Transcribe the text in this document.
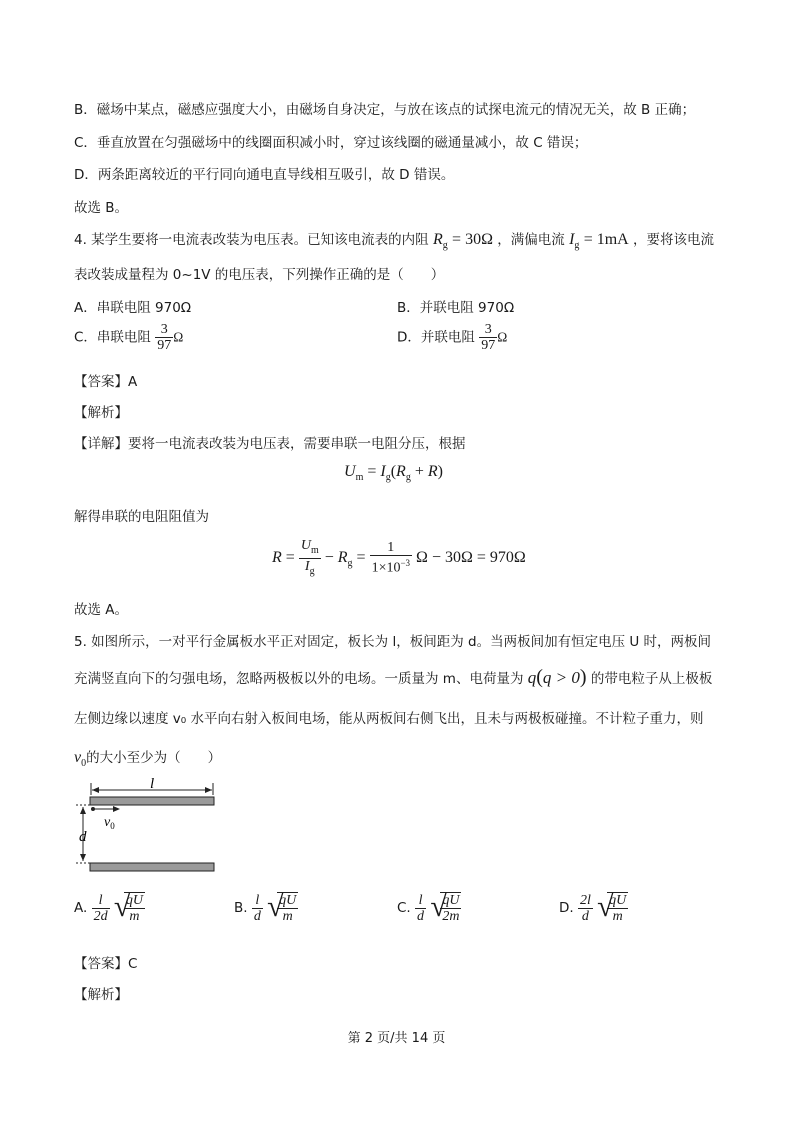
B．磁场中某点，磁感应强度大小，由磁场自身决定，与放在该点的试探电流元的情况无关，故 B 正确；
C．垂直放置在匀强磁场中的线圈面积减小时，穿过该线圈的磁通量减小，故 C 错误；
D．两条距离较近的平行同向通电直导线相互吸引，故 D 错误。
故选 B。
4. 某学生要将一电流表改装为电压表。已知该电流表的内阻 $R_g = 30\Omega$ ，满偏电流 $I_g = 1mA$ ，要将该电流
表改装成量程为 0~1V 的电压表，下列操作正确的是（　　）
A．串联电阻 970Ω	B．并联电阻 970Ω
C．串联电阻 $\frac{3}{97}$ Ω	D．并联电阻 $\frac{3}{97}$ Ω
【答案】A
【解析】
【详解】要将一电流表改装为电压表，需要串联一电阻分压，根据
$U_m = I_g(R_g + R)$
解得串联的电阻阻值为
$R = \frac{U_m}{I_g} - R_g = \frac{1}{1\times 10^{-3}}$ Ω − 30Ω = 970Ω
故选 A。
5. 如图所示，一对平行金属板水平正对固定，板长为 l，板间距为 d。当两板间加有恒定电压 U 时，两板间
充满竖直向下的匀强电场，忽略两极板以外的电场。一质量为 m、电荷量为 q(q > 0) 的带电粒子从上极板
左侧边缘以速度 v₀ 水平向右射入板间电场，能从两板间右侧飞出，且未与两极板碰撞。不计粒子重力，则
$v_0$的大小至少为（　　）
l
d
$v_0$
A. $\frac{l}{2d}$
√
$\frac{qU}{m}$	B. $\frac{l}{d}$
√
$\frac{qU}{m}$	C. $\frac{l}{d}$
√
$\frac{qU}{2m}$	D. $\frac{2l}{d}$
√
$\frac{qU}{m}$
【答案】C
【解析】
第 2 页/共 14 页
